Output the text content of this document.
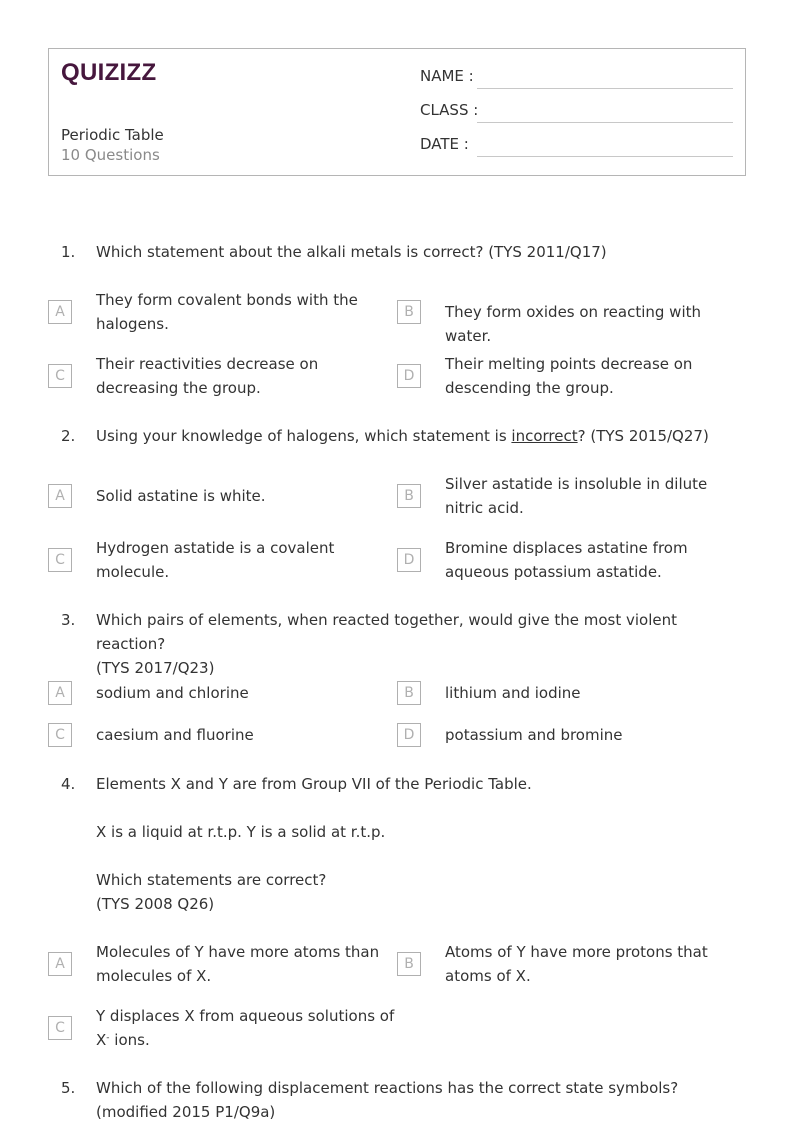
QUIZIZZ
Periodic Table
10 Questions
NAME :
CLASS :
DATE :
1. Which statement about the alkali metals is correct? (TYS 2011/Q17)
A
They form covalent bonds with the halogens.
B	They form oxides on reacting with water.
C
Their reactivities decrease on decreasing the group.
D
Their melting points decrease on descending the group.
2. Using your knowledge of halogens, which statement is incorrect? (TYS 2015/Q27)
A	Solid astatine is white.	B
Silver astatide is insoluble in dilute nitric acid.
C
Hydrogen astatide is a covalent molecule.
D
Bromine displaces astatine from aqueous potassium astatide.
3. Which pairs of elements, when reacted together, would give the most violent reaction?
(TYS 2017/Q23)
A	sodium and chlorine	B	lithium and iodine
C	caesium and fluorine	D	potassium and bromine
4. Elements X and Y are from Group VII of the Periodic Table.
X is a liquid at r.t.p. Y is a solid at r.t.p.
Which statements are correct?
(TYS 2008 Q26)
A
Molecules of Y have more atoms than molecules of X.
B
Atoms of Y have more protons that atoms of X.
C
Y displaces X from aqueous solutions of
X- ions.
5. Which of the following displacement reactions has the correct state symbols? (modified 2015 P1/Q9a)
